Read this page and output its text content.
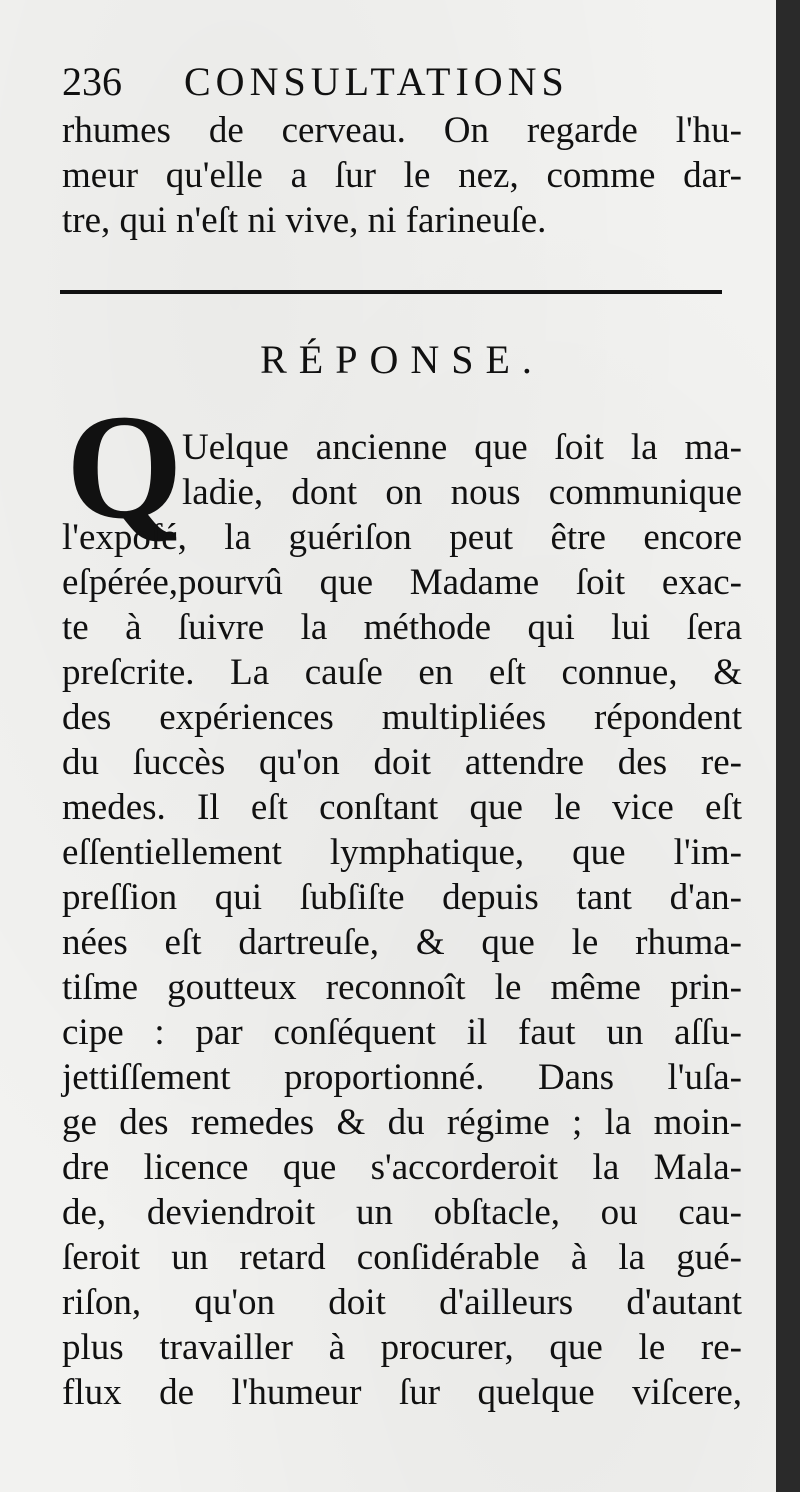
236 CONSULTATIONS
rhumes de cerveau. On regarde l'hu-
meur qu'elle a ſur le nez, comme dar-
tre, qui n'eſt ni vive, ni farineuſe.
RÉPONSE.
Q Uelque ancienne que ſoit la ma-
ladie, dont on nous communique
l'expoſé, la guériſon peut être encore
eſpérée,pourvû que Madame ſoit exac-
te à ſuivre la méthode qui lui ſera
preſcrite. La cauſe en eſt connue, &
des expériences multipliées répondent
du ſuccès qu'on doit attendre des re-
medes. Il eſt conſtant que le vice eſt
eſſentiellement lymphatique, que l'im-
preſſion qui ſubſiſte depuis tant d'an-
nées eſt dartreuſe, & que le rhuma-
tiſme goutteux reconnoît le même prin-
cipe : par conſéquent il faut un aſſu-
jettiſſement proportionné. Dans l'uſa-
ge des remedes & du régime ; la moin-
dre licence que s'accorderoit la Mala-
de, deviendroit un obſtacle, ou cau-
ſeroit un retard conſidérable à la gué-
riſon, qu'on doit d'ailleurs d'autant
plus travailler à procurer, que le re-
flux de l'humeur ſur quelque viſcere,
